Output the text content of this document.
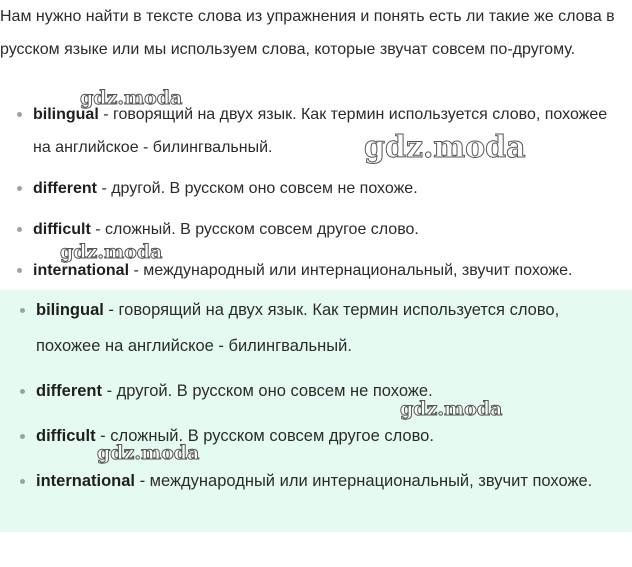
Нам нужно найти в тексте слова из упражнения и понять есть ли такие же слова в русском языке или мы используем слова, которые звучат совсем по-другому.

bilingual - говорящий на двух язык. Как термин используется слово, похожее на английское - билингвальный.
different - другой. В русском оно совсем не похоже.
difficult - сложный. В русском совсем другое слово.
international - международный или интернациональный, звучит похоже.
bilingual - говорящий на двух язык. Как термин используется слово, похожее на английское - билингвальный.
different - другой. В русском оно совсем не похоже.
difficult - сложный. В русском совсем другое слово.
international - международный или интернациональный, звучит похоже.
gdz.moda
gdz.moda
gdz.moda
gdz.moda
gdz.moda
